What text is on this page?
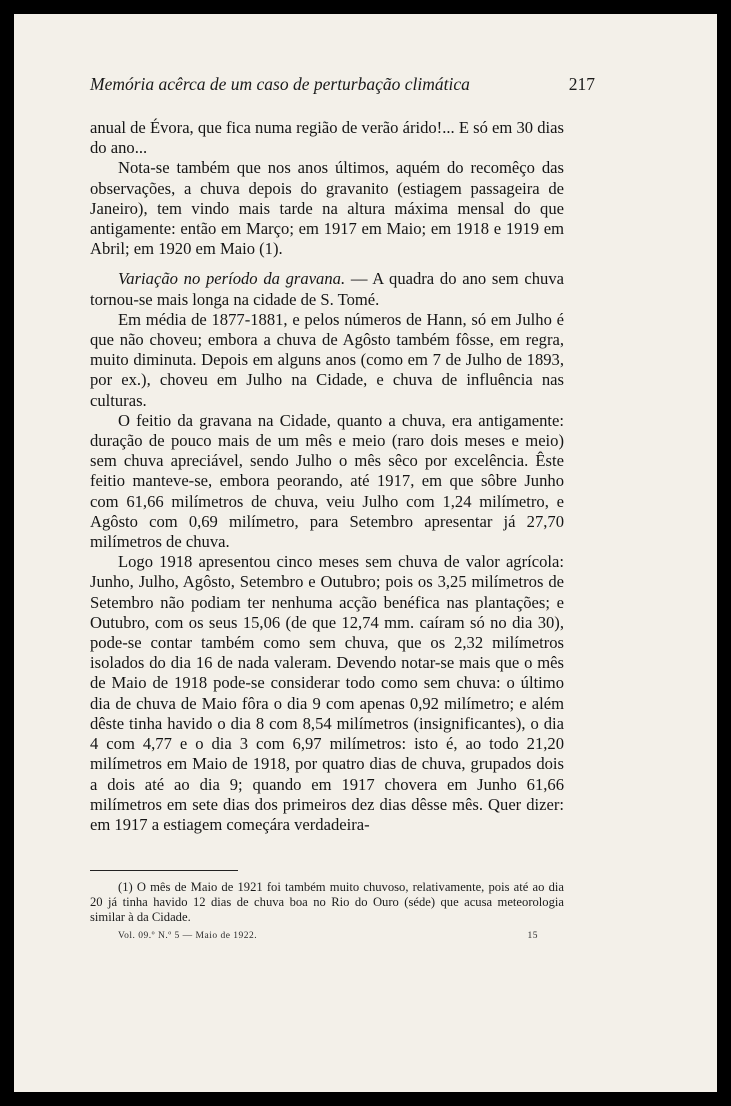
Memória acêrca de um caso de perturbação climática	217

anual de Évora, que fica numa região de verão árido!... E só em 30 dias do ano...

Nota-se também que nos anos últimos, aquém do recomêço das observações, a chuva depois do gravanito (estiagem passageira de Janeiro), tem vindo mais tarde na altura máxima mensal do que antigamente: então em Março; em 1917 em Maio; em 1918 e 1919 em Abril; em 1920 em Maio (1).

Variação no período da gravana. — A quadra do ano sem chuva tornou-se mais longa na cidade de S. Tomé.

Em média de 1877-1881, e pelos números de Hann, só em Julho é que não choveu; embora a chuva de Agôsto também fôsse, em regra, muito diminuta. Depois em alguns anos (como em 7 de Julho de 1893, por ex.), choveu em Julho na Cidade, e chuva de influência nas culturas.

O feitio da gravana na Cidade, quanto a chuva, era antigamente: duração de pouco mais de um mês e meio (raro dois meses e meio) sem chuva apreciável, sendo Julho o mês sêco por excelência. Êste feitio manteve-se, embora peorando, até 1917, em que sôbre Junho com 61,66 milímetros de chuva, veiu Julho com 1,24 milímetro, e Agôsto com 0,69 milímetro, para Setembro apresentar já 27,70 milímetros de chuva.

Logo 1918 apresentou cinco meses sem chuva de valor agrícola: Junho, Julho, Agôsto, Setembro e Outubro; pois os 3,25 milímetros de Setembro não podiam ter nenhuma acção benéfica nas plantações; e Outubro, com os seus 15,06 (de que 12,74 mm. caíram só no dia 30), pode-se contar também como sem chuva, que os 2,32 milímetros isolados do dia 16 de nada valeram. Devendo notar-se mais que o mês de Maio de 1918 pode-se considerar todo como sem chuva: o último dia de chuva de Maio fôra o dia 9 com apenas 0,92 milímetro; e além dêste tinha havido o dia 8 com 8,54 milímetros (insignificantes), o dia 4 com 4,77 e o dia 3 com 6,97 milímetros: isto é, ao todo 21,20 milímetros em Maio de 1918, por quatro dias de chuva, grupados dois a dois até ao dia 9; quando em 1917 chovera em Junho 61,66 milímetros em sete dias dos primeiros dez dias dêsse mês. Quer dizer: em 1917 a estiagem começára verdadeira-

(1) O mês de Maio de 1921 foi também muito chuvoso, relativamente, pois até ao dia 20 já tinha havido 12 dias de chuva boa no Rio do Ouro (séde) que acusa meteorologia similar à da Cidade.

Vol. 09.º N.º 5 — Maio de 1922.	15
